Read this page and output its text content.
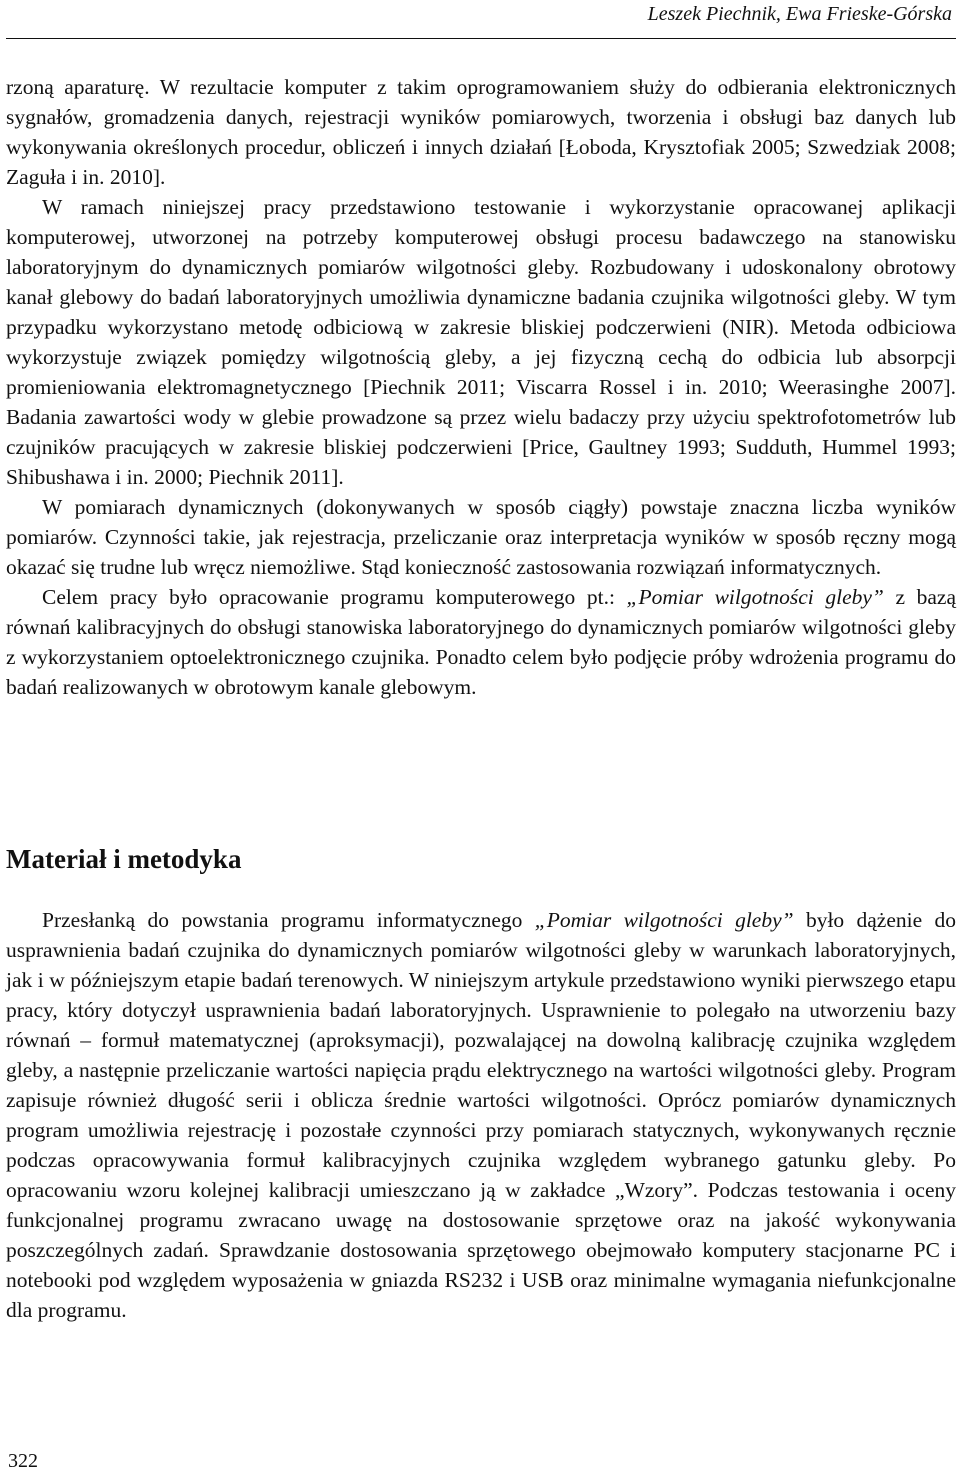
Leszek Piechnik, Ewa Frieske-Górska

rzoną aparaturę. W rezultacie komputer z takim oprogramowaniem służy do odbierania elektronicznych sygnałów, gromadzenia danych, rejestracji wyników pomiarowych, tworzenia i obsługi baz danych lub wykonywania określonych procedur, obliczeń i innych działań [Łoboda, Krysztofiak 2005; Szwedziak 2008; Zaguła i in. 2010].

W ramach niniejszej pracy przedstawiono testowanie i wykorzystanie opracowanej aplikacji komputerowej, utworzonej na potrzeby komputerowej obsługi procesu badawczego na stanowisku laboratoryjnym do dynamicznych pomiarów wilgotności gleby. Rozbudowany i udoskonalony obrotowy kanał glebowy do badań laboratoryjnych umożliwia dynamiczne badania czujnika wilgotności gleby. W tym przypadku wykorzystano metodę odbiciową w zakresie bliskiej podczerwieni (NIR). Metoda odbiciowa wykorzystuje związek pomiędzy wilgotnością gleby, a jej fizyczną cechą do odbicia lub absorpcji promieniowania elektromagnetycznego [Piechnik 2011; Viscarra Rossel i in. 2010; Weerasinghe 2007]. Badania zawartości wody w glebie prowadzone są przez wielu badaczy przy użyciu spektrofotometrów lub czujników pracujących w zakresie bliskiej podczerwieni [Price, Gaultney 1993; Sudduth, Hummel 1993; Shibushawa i in. 2000; Piechnik 2011].

W pomiarach dynamicznych (dokonywanych w sposób ciągły) powstaje znaczna liczba wyników pomiarów. Czynności takie, jak rejestracja, przeliczanie oraz interpretacja wyników w sposób ręczny mogą okazać się trudne lub wręcz niemożliwe. Stąd konieczność zastosowania rozwiązań informatycznych.

Celem pracy było opracowanie programu komputerowego pt.: „Pomiar wilgotności gleby” z bazą równań kalibracyjnych do obsługi stanowiska laboratoryjnego do dynamicznych pomiarów wilgotności gleby z wykorzystaniem optoelektronicznego czujnika. Ponadto celem było podjęcie próby wdrożenia programu do badań realizowanych w obrotowym kanale glebowym.

Materiał i metodyka

Przesłanką do powstania programu informatycznego „Pomiar wilgotności gleby” było dążenie do usprawnienia badań czujnika do dynamicznych pomiarów wilgotności gleby w warunkach laboratoryjnych, jak i w późniejszym etapie badań terenowych. W niniejszym artykule przedstawiono wyniki pierwszego etapu pracy, który dotyczył usprawnienia badań laboratoryjnych. Usprawnienie to polegało na utworzeniu bazy równań – formuł matematycznej (aproksymacji), pozwalającej na dowolną kalibrację czujnika względem gleby, a następnie przeliczanie wartości napięcia prądu elektrycznego na wartości wilgotności gleby. Program zapisuje również długość serii i oblicza średnie wartości wilgotności. Oprócz pomiarów dynamicznych program umożliwia rejestrację i pozostałe czynności przy pomiarach statycznych, wykonywanych ręcznie podczas opracowywania formuł kalibracyjnych czujnika względem wybranego gatunku gleby. Po opracowaniu wzoru kolejnej kalibracji umieszczano ją w zakładce „Wzory”. Podczas testowania i oceny funkcjonalnej programu zwracano uwagę na dostosowanie sprzętowe oraz na jakość wykonywania poszczególnych zadań. Sprawdzanie dostosowania sprzętowego obejmowało komputery stacjonarne PC i notebooki pod względem wyposażenia w gniazda RS232 i USB oraz minimalne wymagania niefunkcjonalne dla programu.

322
